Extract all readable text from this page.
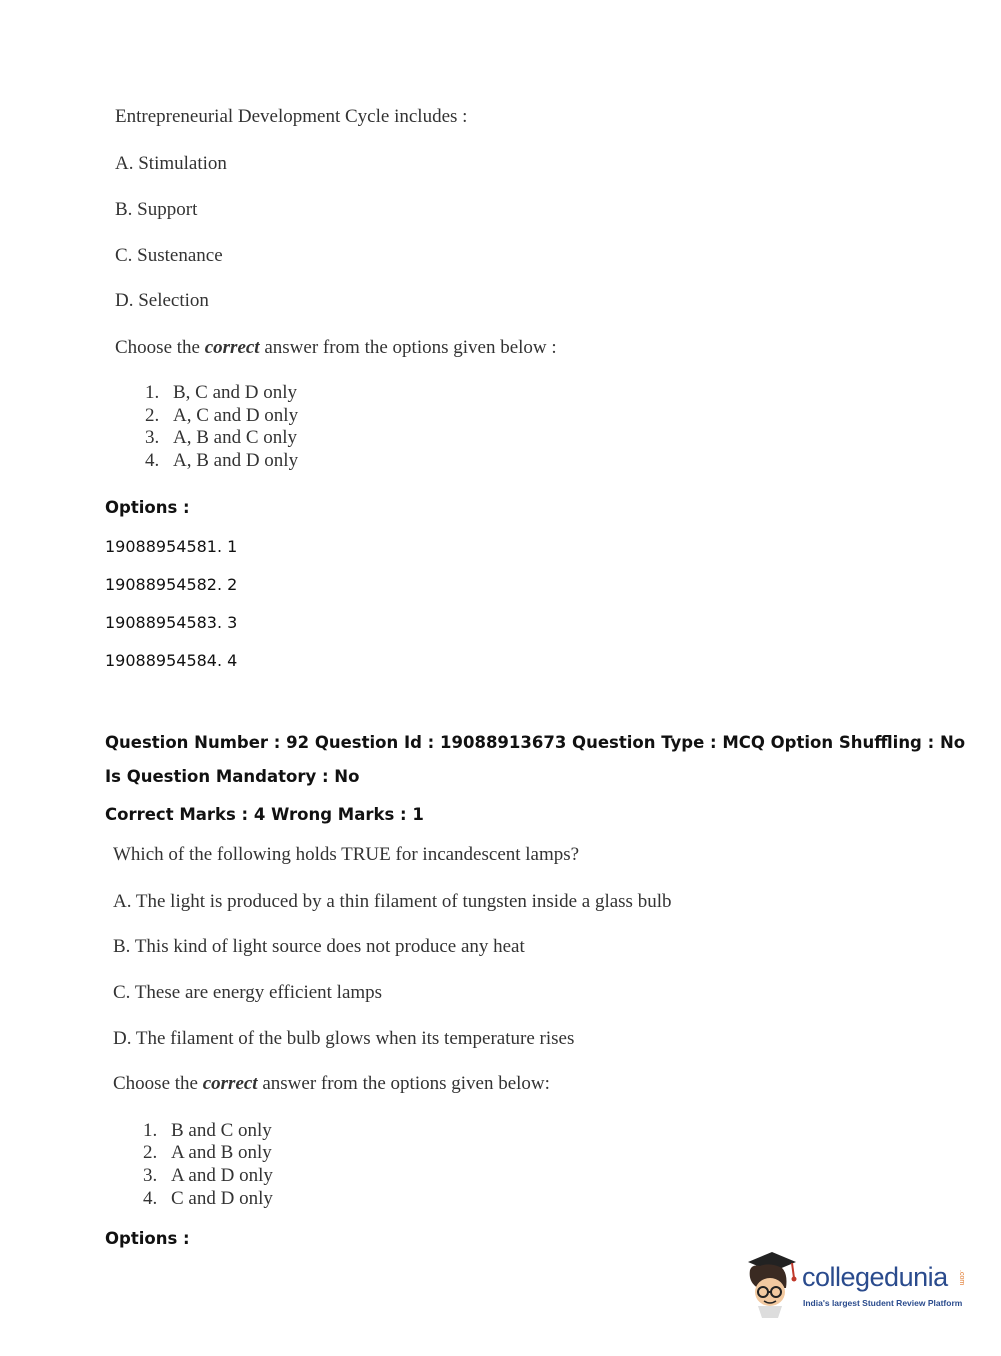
Entrepreneurial Development Cycle includes :
A. Stimulation
B. Support
C. Sustenance
D. Selection
Choose the correct answer from the options given below :
1. B, C and D only
2. A, C and D only
3. A, B and C only
4. A, B and D only
Options :
19088954581. 1
19088954582. 2
19088954583. 3
19088954584. 4
Question Number : 92 Question Id : 19088913673 Question Type : MCQ Option Shuffling : No
Is Question Mandatory : No
Correct Marks : 4 Wrong Marks : 1
Which of the following holds TRUE for incandescent lamps?
A. The light is produced by a thin filament of tungsten inside a glass bulb
B. This kind of light source does not produce any heat
C. These are energy efficient lamps
D. The filament of the bulb glows when its temperature rises
Choose the correct answer from the options given below:
1. B and C only
2. A and B only
3. A and D only
4. C and D only
Options :
collegedunia .com
India's largest Student Review Platform
